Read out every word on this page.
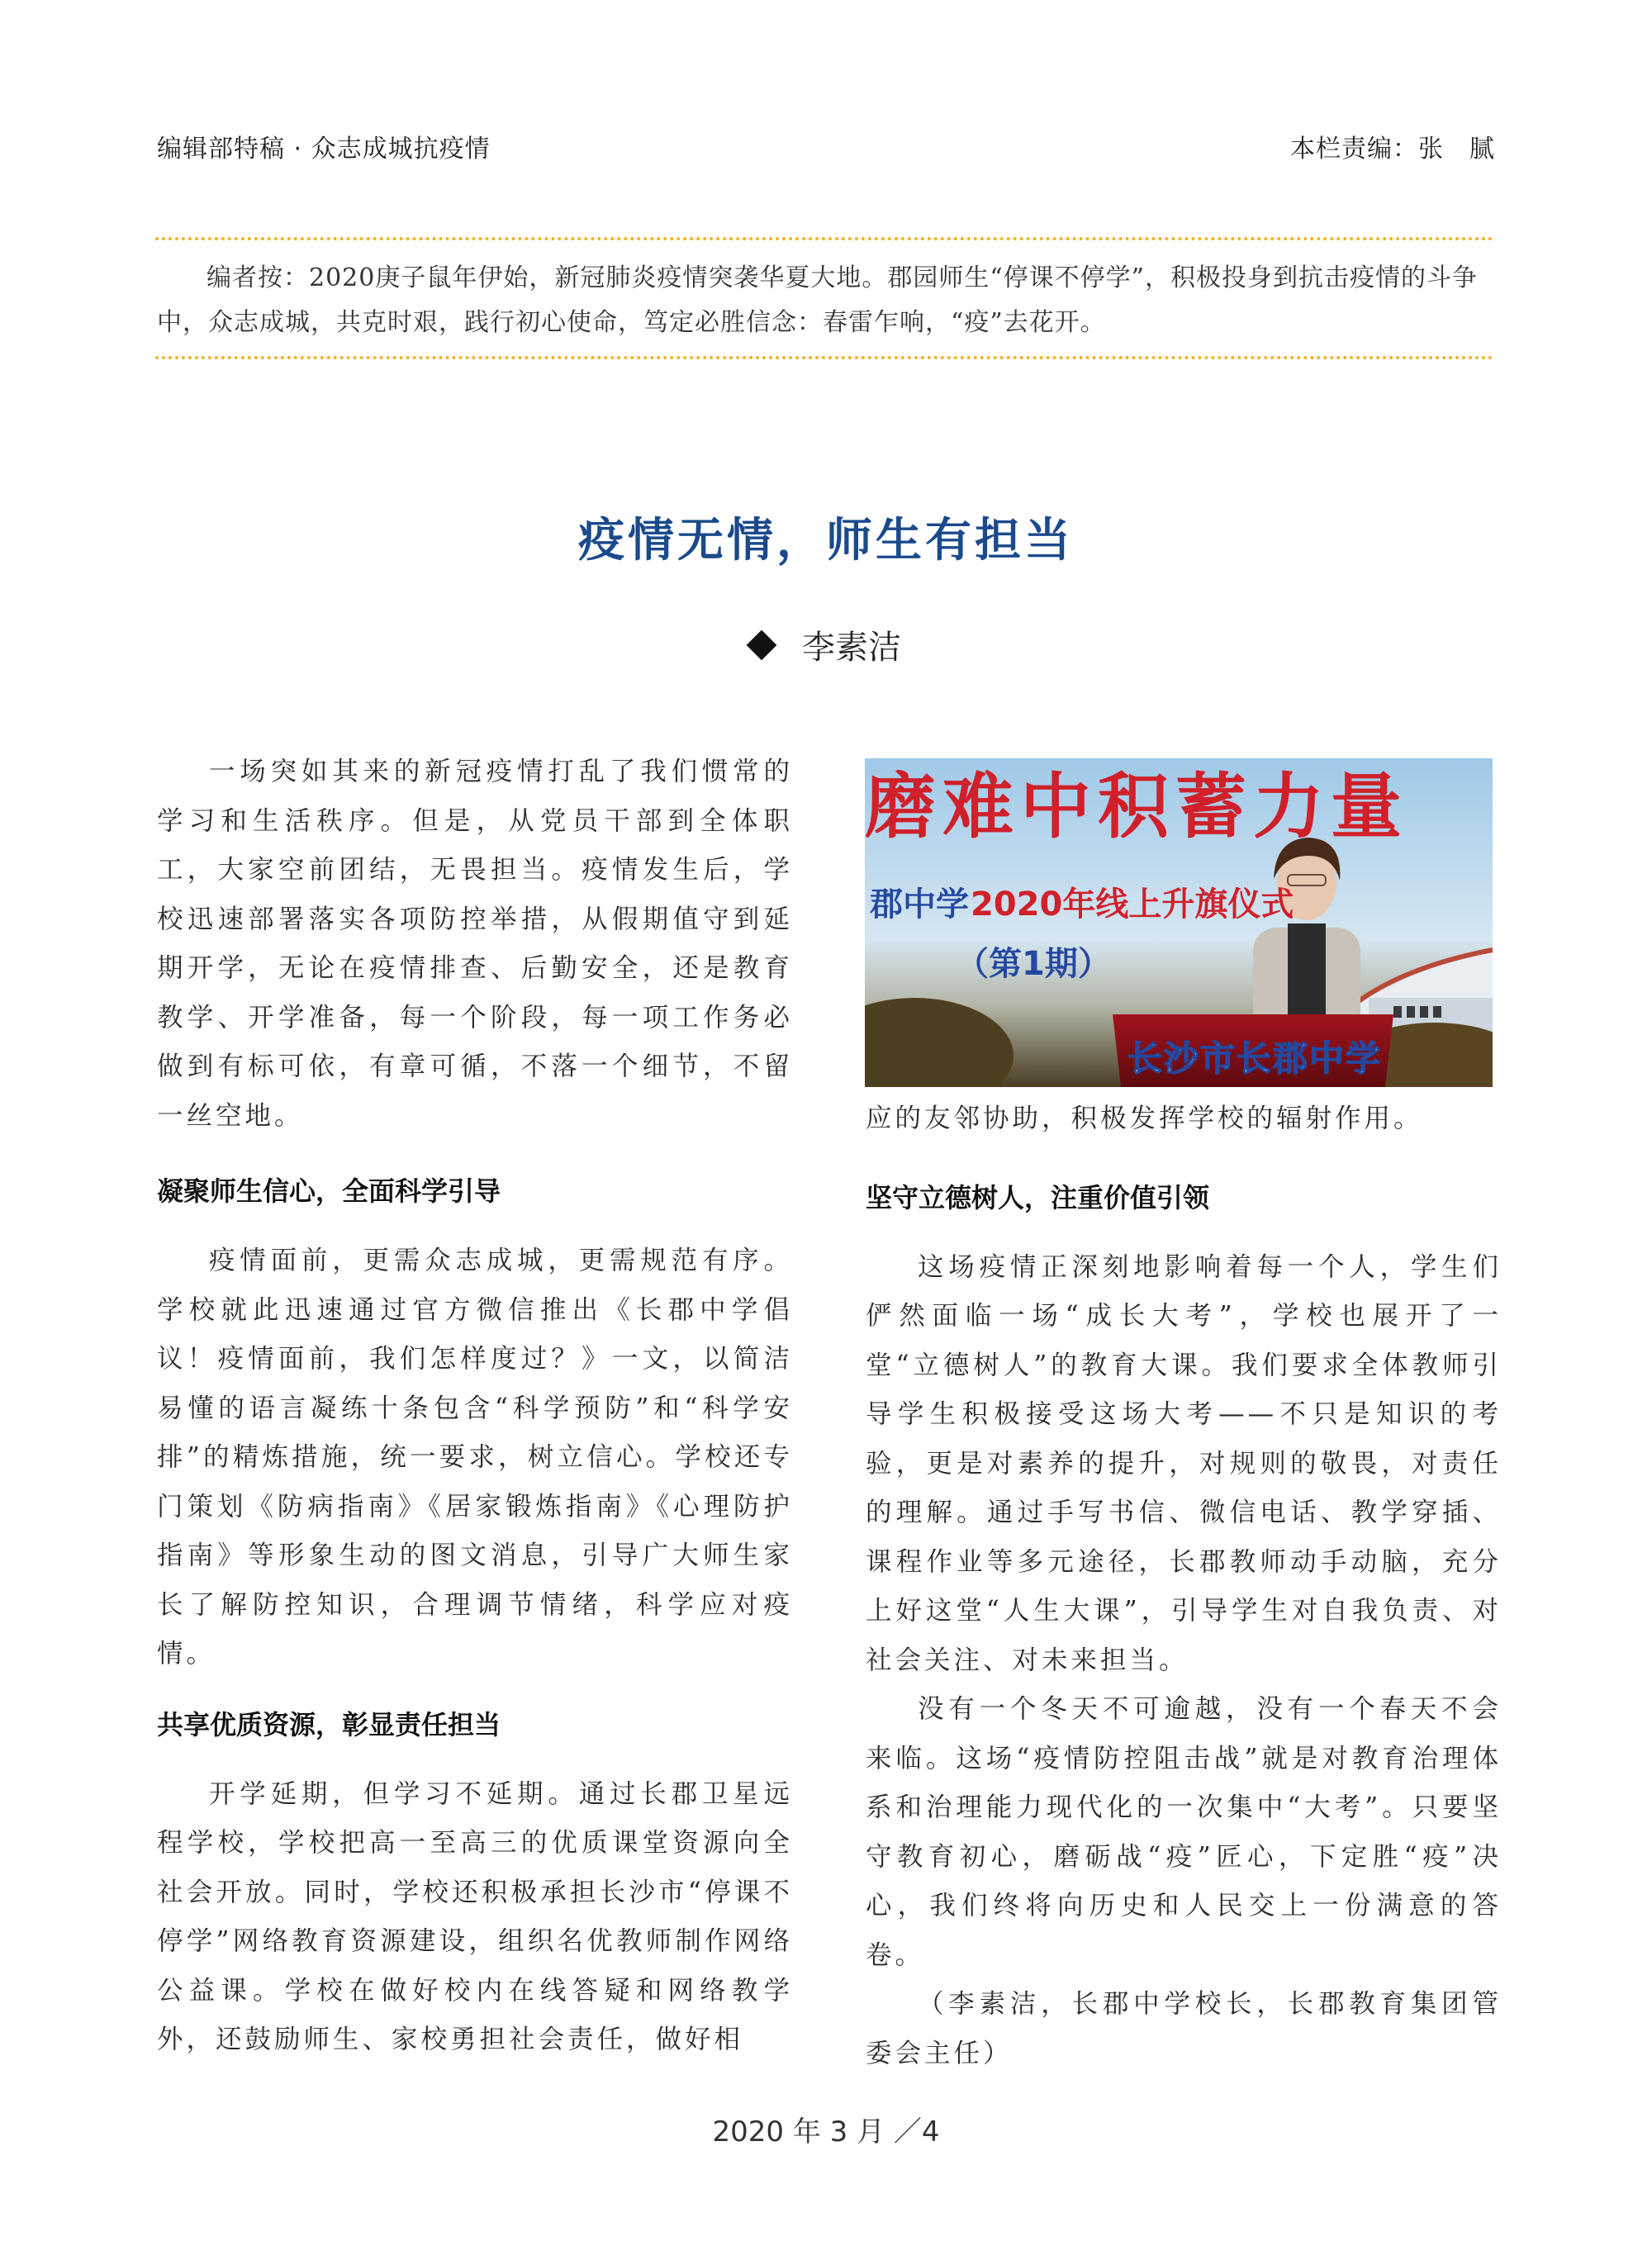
编辑部特稿 · 众志成城抗疫情	本栏责编：张　腻

编者按：2020庚子鼠年伊始，新冠肺炎疫情突袭华夏大地。郡园师生“停课不停学”，积极投身到抗击疫情的斗争中，众志成城，共克时艰，践行初心使命，笃定必胜信念：春雷乍响，“疫”去花开。

疫情无情，师生有担当
李素洁

一场突如其来的新冠疫情打乱了我们惯常的学习和生活秩序。但是，从党员干部到全体职工，大家空前团结，无畏担当。疫情发生后，学校迅速部署落实各项防控举措，从假期值守到延期开学，无论在疫情排查、后勤安全，还是教育教学、开学准备，每一个阶段，每一项工作务必做到有标可依，有章可循，不落一个细节，不留一丝空地。

凝聚师生信心，全面科学引导

疫情面前，更需众志成城，更需规范有序。学校就此迅速通过官方微信推出《长郡中学倡议！疫情面前，我们怎样度过？》一文，以简洁易懂的语言凝练十条包含“科学预防”和“科学安排”的精炼措施，统一要求，树立信心。学校还专门策划《防病指南》《居家锻炼指南》《心理防护指南》等形象生动的图文消息，引导广大师生家长了解防控知识，合理调节情绪，科学应对疫情。

共享优质资源，彰显责任担当

开学延期，但学习不延期。通过长郡卫星远程学校，学校把高一至高三的优质课堂资源向全社会开放。同时，学校还积极承担长沙市“停课不停学”网络教育资源建设，组织名优教师制作网络公益课。学校在做好校内在线答疑和网络教学外，还鼓励师生、家校勇担社会责任，做好相

长沙市长郡中学
磨难中积蓄力量
郡中学 2020年线上升旗仪式
（第1期）

应的友邻协助，积极发挥学校的辐射作用。

坚守立德树人，注重价值引领

这场疫情正深刻地影响着每一个人，学生们俨然面临一场“成长大考”，学校也展开了一堂“立德树人”的教育大课。我们要求全体教师引导学生积极接受这场大考——不只是知识的考验，更是对素养的提升，对规则的敬畏，对责任的理解。通过手写书信、微信电话、教学穿插、课程作业等多元途径，长郡教师动手动脑，充分上好这堂“人生大课”，引导学生对自我负责、对社会关注、对未来担当。

没有一个冬天不可逾越，没有一个春天不会来临。这场“疫情防控阻击战”就是对教育治理体系和治理能力现代化的一次集中“大考”。只要坚守教育初心，磨砺战“疫”匠心，下定胜“疫”决心，我们终将向历史和人民交上一份满意的答卷。

（李素洁，长郡中学校长，长郡教育集团管委会主任）

2020 年 3 月 ／4
